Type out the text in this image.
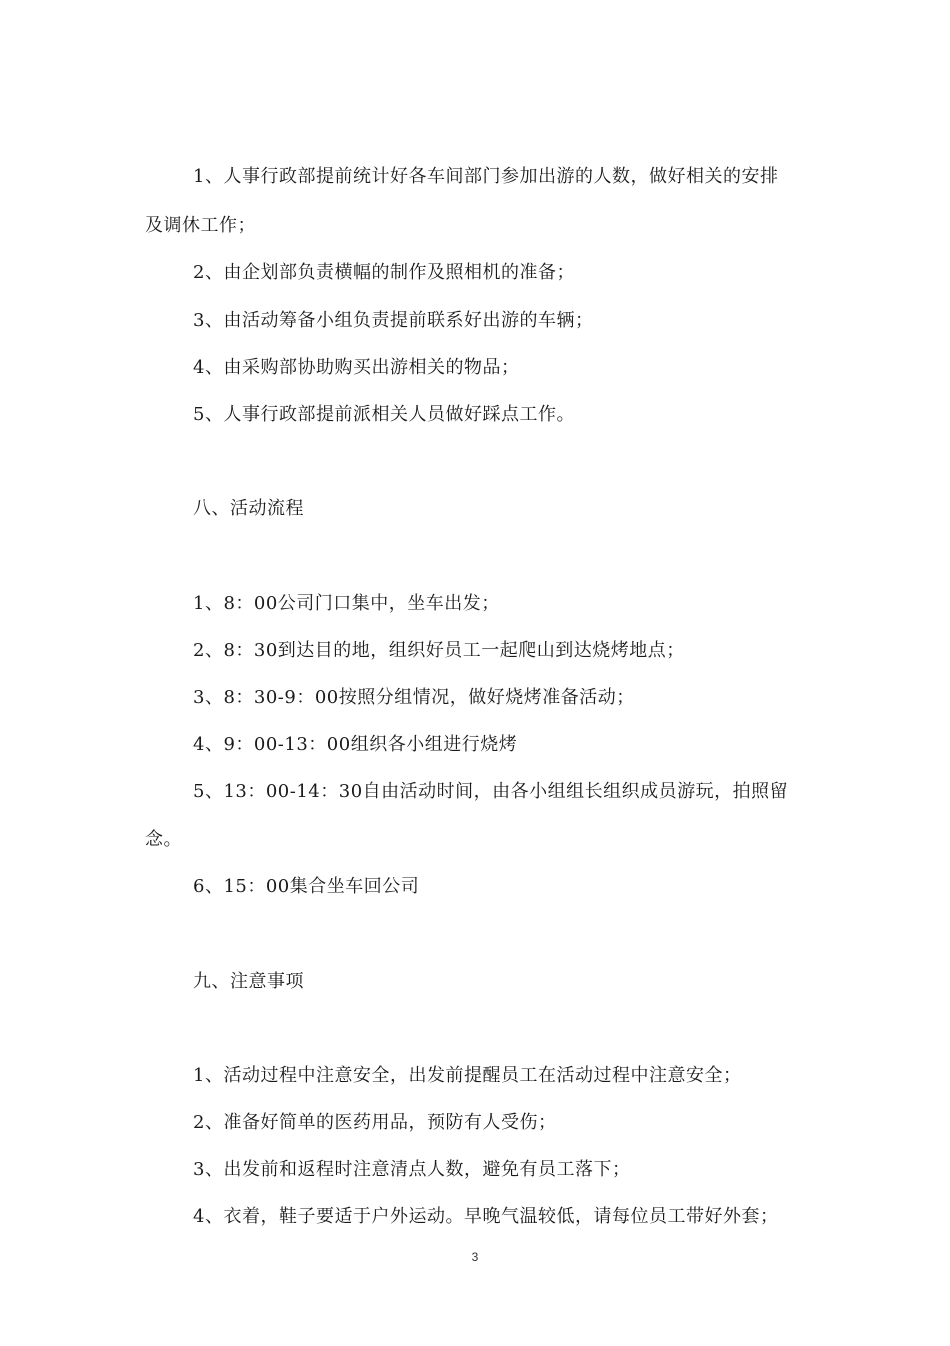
1、人事行政部提前统计好各车间部门参加出游的人数，做好相关的安排
及调休工作；
2、由企划部负责横幅的制作及照相机的准备；
3、由活动筹备小组负责提前联系好出游的车辆；
4、由采购部协助购买出游相关的物品；
5、人事行政部提前派相关人员做好踩点工作。
八、活动流程
1、8：00公司门口集中，坐车出发；
2、8：30到达目的地，组织好员工一起爬山到达烧烤地点；
3、8：30-9：00按照分组情况，做好烧烤准备活动；
4、9：00-13：00组织各小组进行烧烤
5、13：00-14：30自由活动时间，由各小组组长组织成员游玩，拍照留
念。
6、15：00集合坐车回公司
九、注意事项
1、活动过程中注意安全，出发前提醒员工在活动过程中注意安全；
2、准备好简单的医药用品，预防有人受伤；
3、出发前和返程时注意清点人数，避免有员工落下；
4、衣着，鞋子要适于户外运动。早晚气温较低，请每位员工带好外套；
3
